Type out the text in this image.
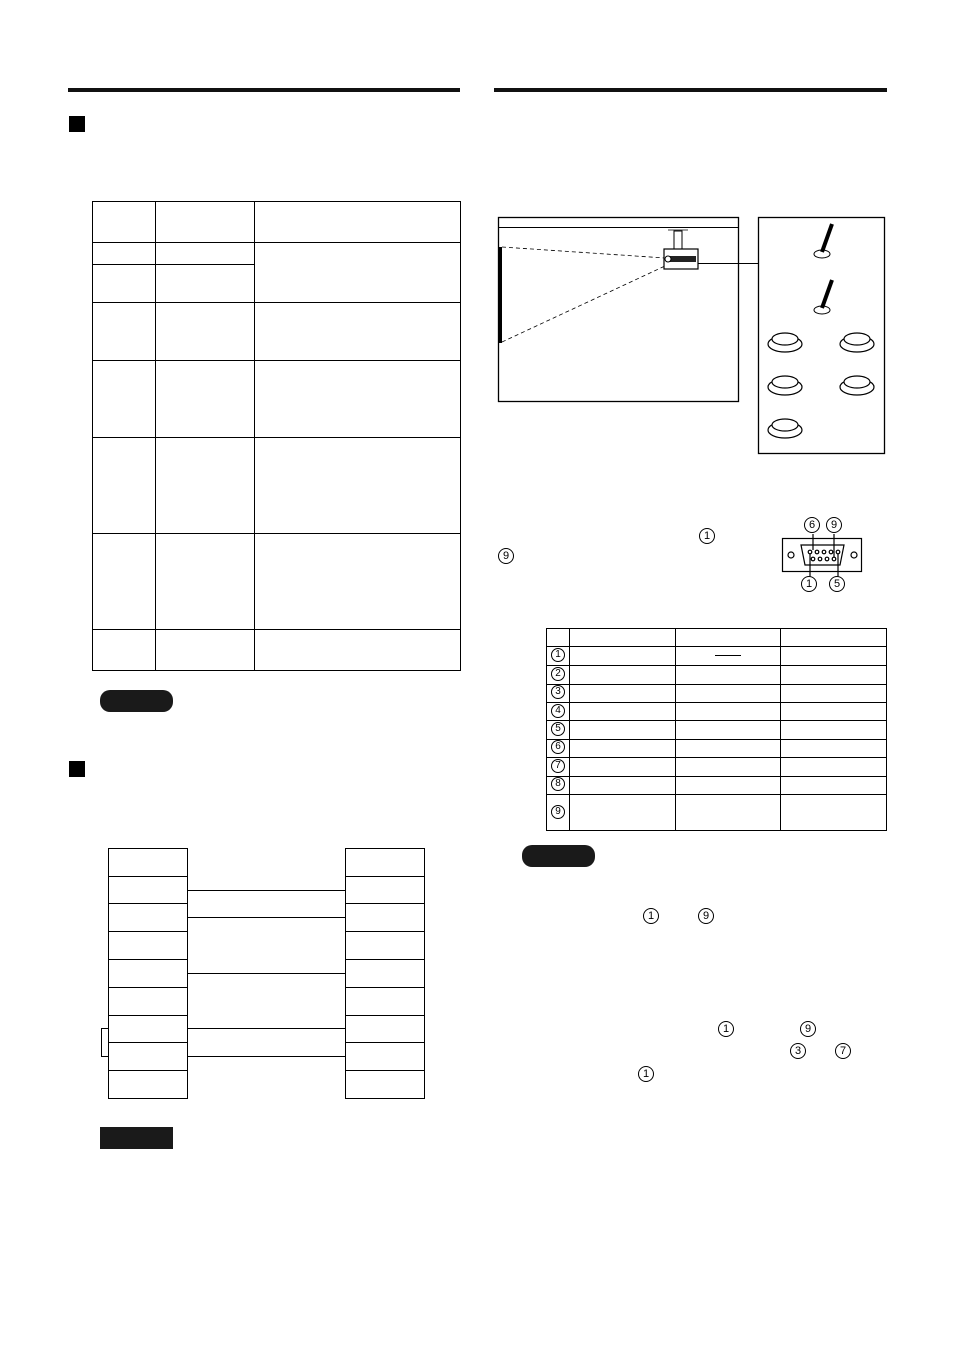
1
9
6	9
1	5
1
2
3
4
5
6
7
8
9
1	9
1	9
3	7
1
